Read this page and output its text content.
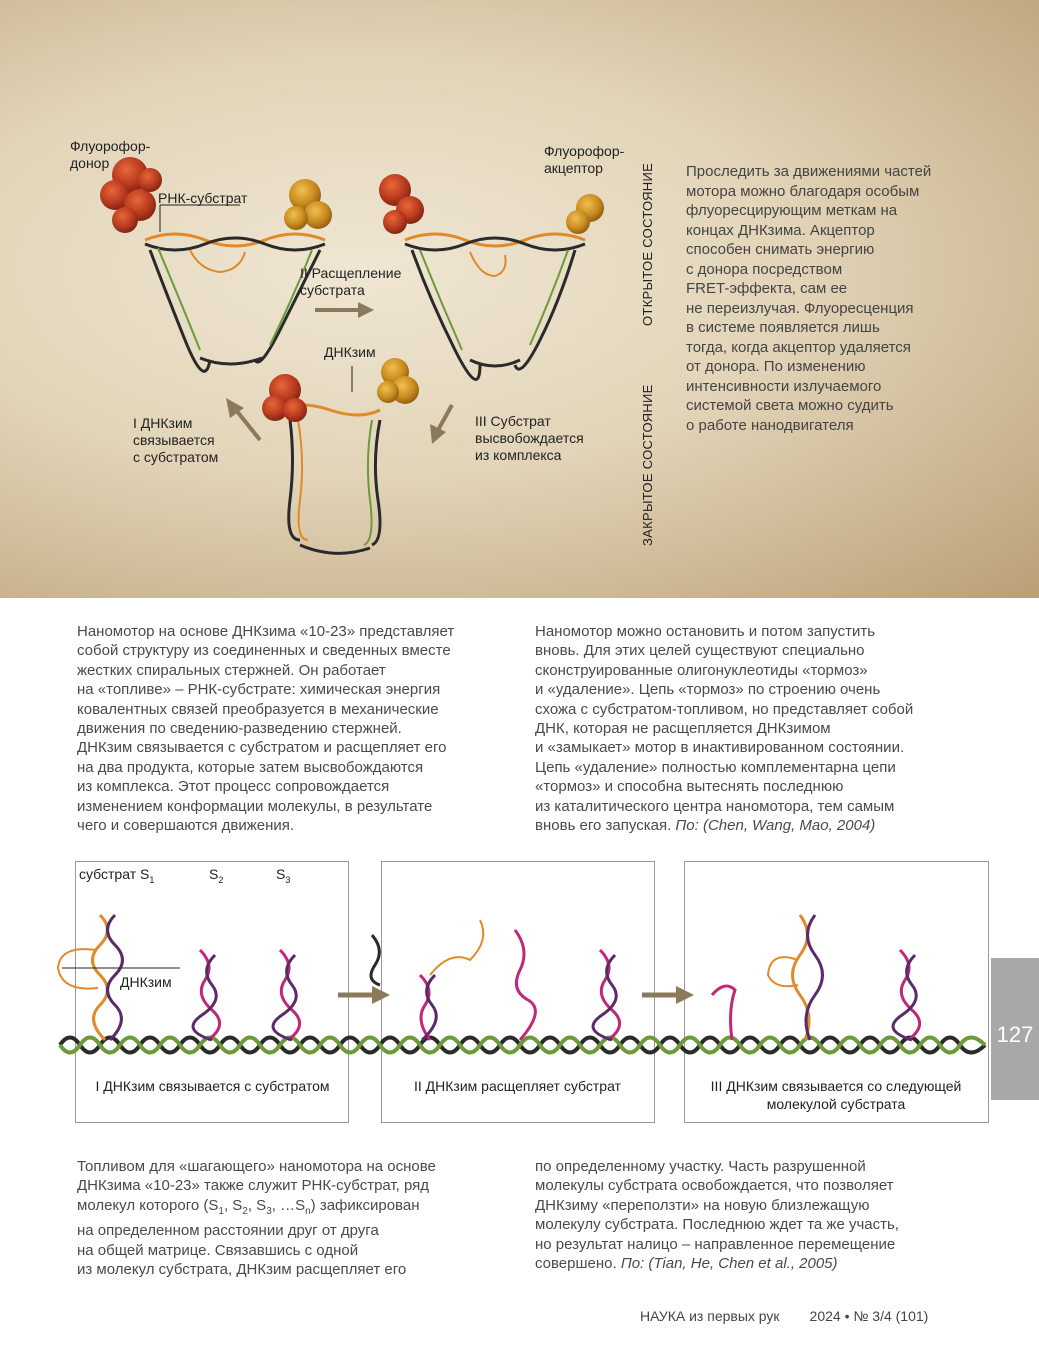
Флуорофор-
донор
Флуорофор-
акцептор
РНК-субстрат
II Расщепление
субстрата
ДНКзим
I ДНКзим
связывается
с субстратом
III Субстрат
высвобождается
из комплекса
ОТКРЫТОЕ СОСТОЯНИЕ
ЗАКРЫТОЕ СОСТОЯНИЕ
Проследить за движениями частей
мотора можно благодаря особым
флуоресцирующим меткам на
концах ДНКзима. Акцептор
способен снимать энергию
с донора посредством
FRET-эффекта, сам ее
не переизлучая. Флуоресценция
в системе появляется лишь
тогда, когда акцептор удаляется
от донора. По изменению
интенсивности излучаемого
системой света можно судить
о работе нанодвигателя
Наномотор на основе ДНКзима «10-23» представляет
собой структуру из соединенных и сведенных вместе
жестких спиральных стержней. Он работает
на «топливе» – РНК-субстрате: химическая энергия
ковалентных связей преобразуется в механические
движения по сведению-разведению стержней.
ДНКзим связывается с субстратом и расщепляет его
на два продукта, которые затем высвобождаются
из комплекса. Этот процесс сопровождается
изменением конформации молекулы, в результате
чего и совершаются движения.
Наномотор можно остановить и потом запустить
вновь. Для этих целей существуют специально
сконструированные олигонуклеотиды «тормоз»
и «удаление». Цепь «тормоз» по строению очень
схожа с субстратом-топливом, но представляет собой
ДНК, которая не расщепляется ДНКзимом
и «замыкает» мотор в инактивированном состоянии.
Цепь «удаление» полностью комплементарна цепи
«тормоз» и способна вытеснять последнюю
из каталитического центра наномотора, тем самым
вновь его запуская. По: (Chen, Wang, Mao, 2004)
субстрат $S_1$	$S_2$	$S_3$
ДНКзим
I ДНКзим связывается с субстратом	II ДНКзим расщепляет субстрат	III ДНКзим связывается со следующей
молекулой субстрата
Топливом для «шагающего» наномотора на основе
ДНКзима «10-23» также служит РНК-субстрат, ряд
молекул которого ($S_1$, $S_2$, $S_3$, $\dots S_n$) зафиксирован
на определенном расстоянии друг от друга
на общей матрице. Связавшись с одной
из молекул субстрата, ДНКзим расщепляет его
по определенному участку. Часть разрушенной
молекулы субстрата освобождается, что позволяет
ДНКзиму «переползти» на новую близлежащую
молекулу субстрата. Последнюю ждет та же участь,
но результат налицо – направленное перемещение
совершено. По: (Tian, He, Chen et al., 2005)
127
НАУКА из первых рук 2024 • № 3/4 (101)
